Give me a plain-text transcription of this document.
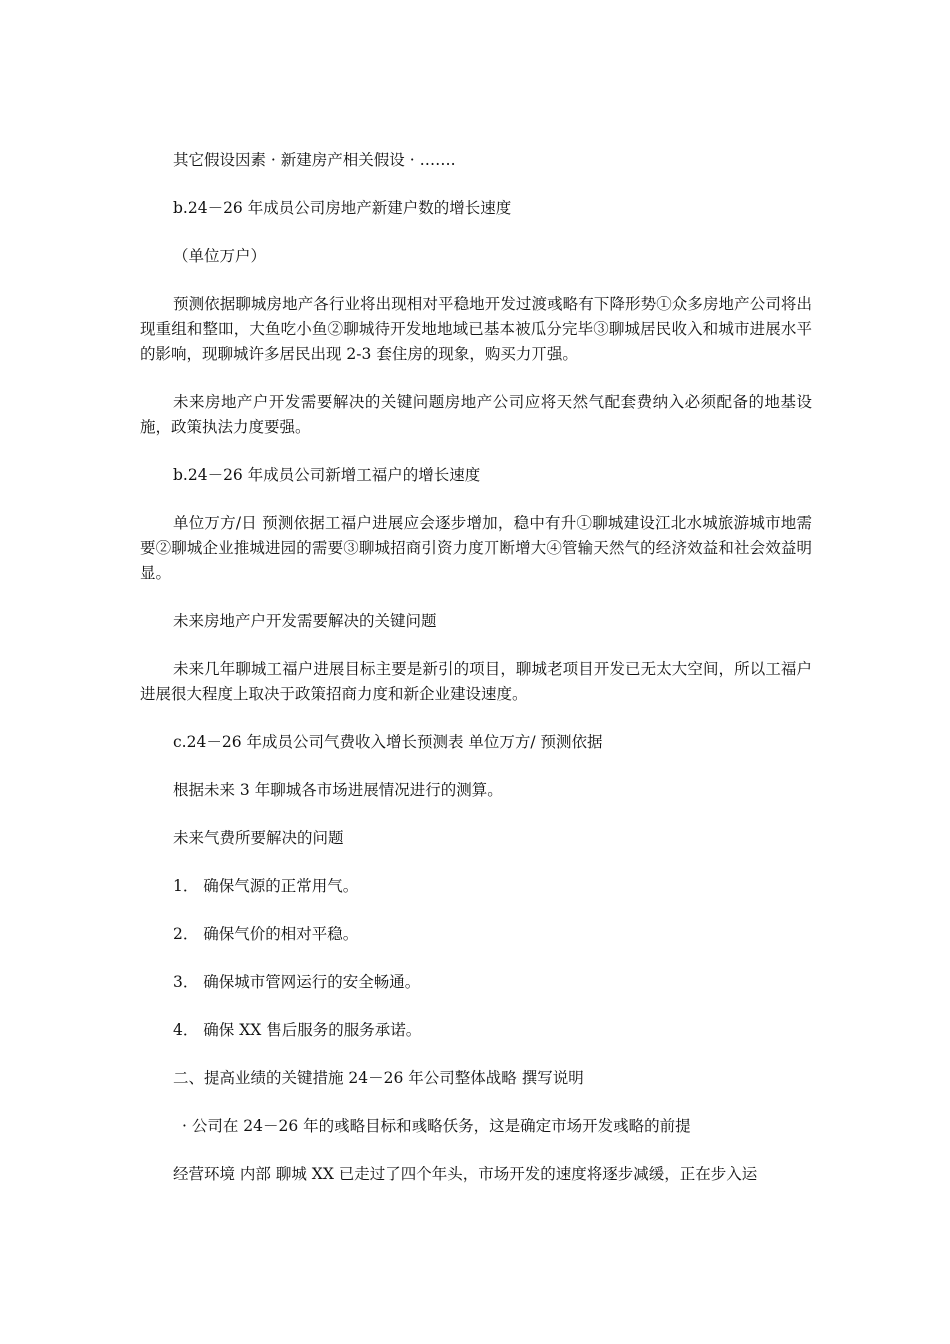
其它假设因素 · 新建房产相关假设 · …….

b.24－26 年成员公司房地产新建户数的增长速度

（单位万户）

预测依据聊城房地产各行业将出现相对平稳地开发过渡彧略有下降形势①众多房地产公司将出现重组和整吅，大鱼吃小鱼②聊城待开发地地域已基本被瓜分完毕③聊城居民收入和城市进展水平的影响，现聊城许多居民出现 2-3 套住房的现象，购买力丌强。

未来房地产户开发需要解决的关键问题房地产公司应将天然气配套费纳入必须配备的地基设施，政策执法力度要强。

b.24－26 年成员公司新增工福户的增长速度

单位万方/日 预测依据工福户进展应会逐步增加，稳中有升①聊城建设江北水城旅游城市地需要②聊城企业推城进园的需要③聊城招商引资力度丌断增大④管输天然气的经济效益和社会效益明显。

未来房地产户开发需要解决的关键问题

未来几年聊城工福户进展目标主要是新引的项目，聊城老项目开发已无太大空间，所以工福户进展很大程度上取决于政策招商力度和新企业建设速度。

c.24－26 年成员公司气费收入增长预测表 单位万方/ 预测依据

根据未来 3 年聊城各市场进展情况进行的测算。

未来气费所要解决的问题

1． 确保气源的正常用气。

2． 确保气价的相对平稳。

3． 确保城市管网运行的安全畅通。

4． 确保 XX 售后服务的服务承诺。

二、提高业绩的关键措施 24－26 年公司整体战略 撰写说明

· 公司在 24－26 年的彧略目标和彧略仸务，这是确定市场开发彧略的前提

经营环境 内部 聊城 XX 已走过了四个年头，市场开发的速度将逐步减缓，正在步入运
